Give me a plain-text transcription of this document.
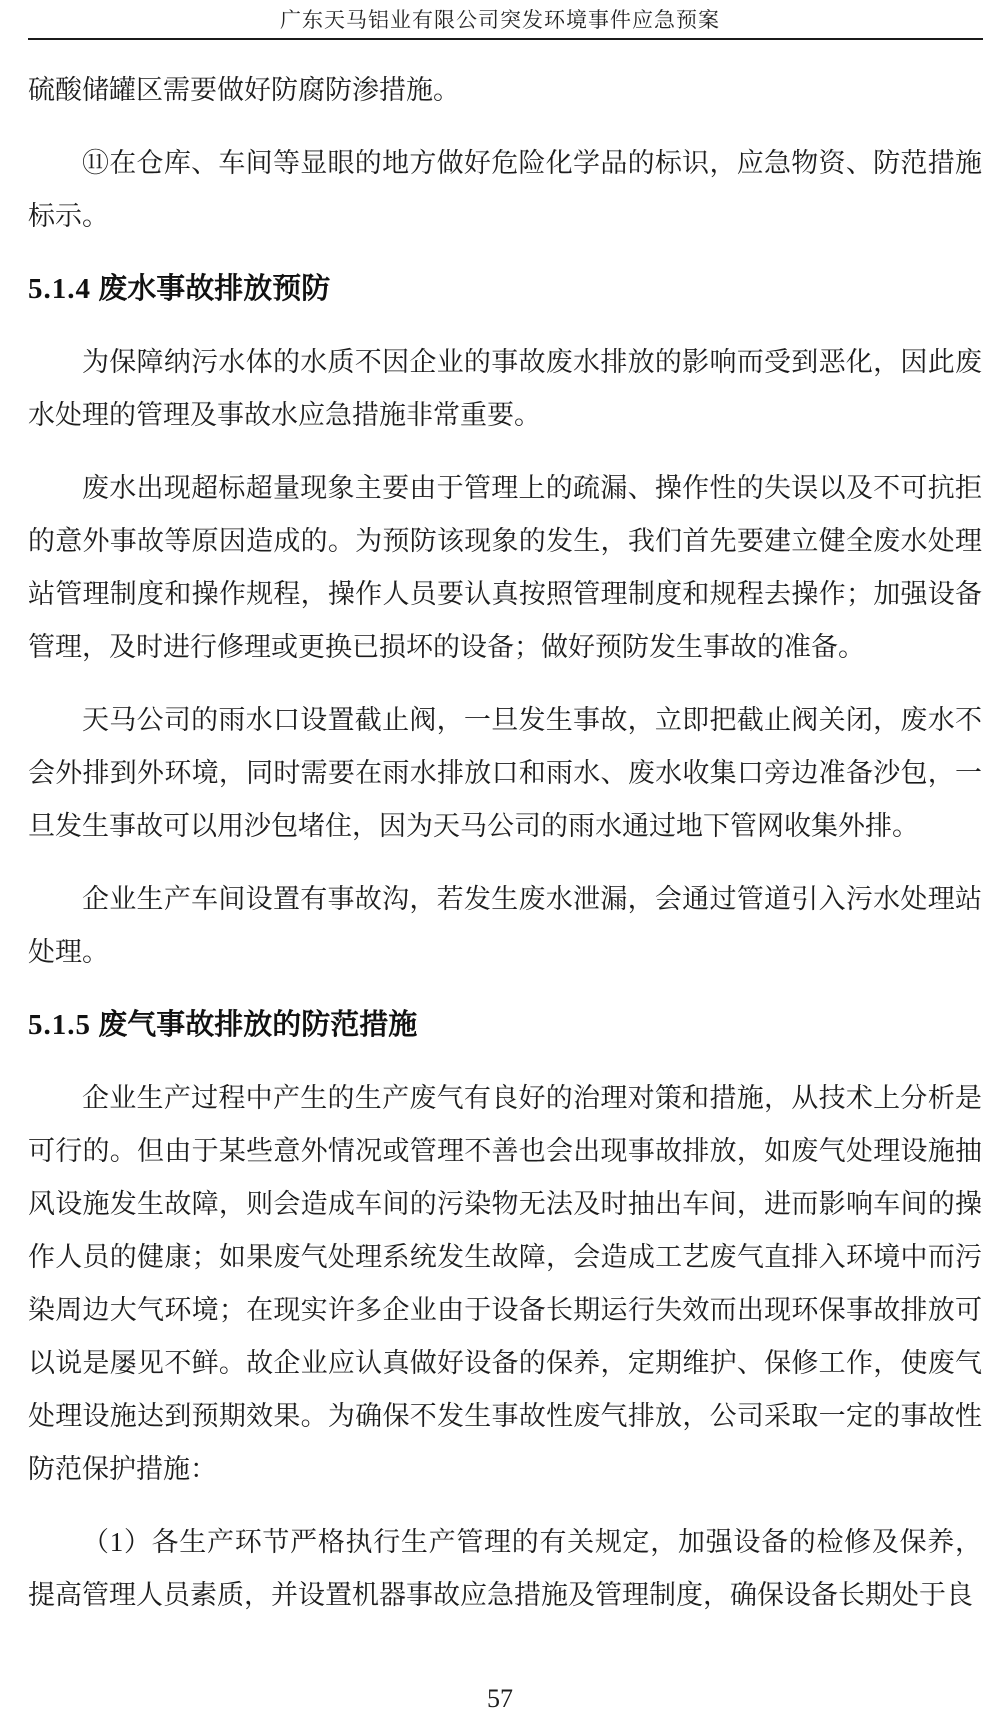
广东天马铝业有限公司突发环境事件应急预案

硫酸储罐区需要做好防腐防渗措施。

⑪在仓库、车间等显眼的地方做好危险化学品的标识，应急物资、防范措施标示。

5.1.4 废水事故排放预防

为保障纳污水体的水质不因企业的事故废水排放的影响而受到恶化，因此废水处理的管理及事故水应急措施非常重要。

废水出现超标超量现象主要由于管理上的疏漏、操作性的失误以及不可抗拒的意外事故等原因造成的。为预防该现象的发生，我们首先要建立健全废水处理站管理制度和操作规程，操作人员要认真按照管理制度和规程去操作；加强设备管理，及时进行修理或更换已损坏的设备；做好预防发生事故的准备。

天马公司的雨水口设置截止阀，一旦发生事故，立即把截止阀关闭，废水不会外排到外环境，同时需要在雨水排放口和雨水、废水收集口旁边准备沙包，一旦发生事故可以用沙包堵住，因为天马公司的雨水通过地下管网收集外排。

企业生产车间设置有事故沟，若发生废水泄漏，会通过管道引入污水处理站处理。

5.1.5 废气事故排放的防范措施

企业生产过程中产生的生产废气有良好的治理对策和措施，从技术上分析是可行的。但由于某些意外情况或管理不善也会出现事故排放，如废气处理设施抽风设施发生故障，则会造成车间的污染物无法及时抽出车间，进而影响车间的操作人员的健康；如果废气处理系统发生故障，会造成工艺废气直排入环境中而污染周边大气环境；在现实许多企业由于设备长期运行失效而出现环保事故排放可以说是屡见不鲜。故企业应认真做好设备的保养，定期维护、保修工作，使废气处理设施达到预期效果。为确保不发生事故性废气排放，公司采取一定的事故性防范保护措施：

（1）各生产环节严格执行生产管理的有关规定，加强设备的检修及保养，提高管理人员素质，并设置机器事故应急措施及管理制度，确保设备长期处于良

57
